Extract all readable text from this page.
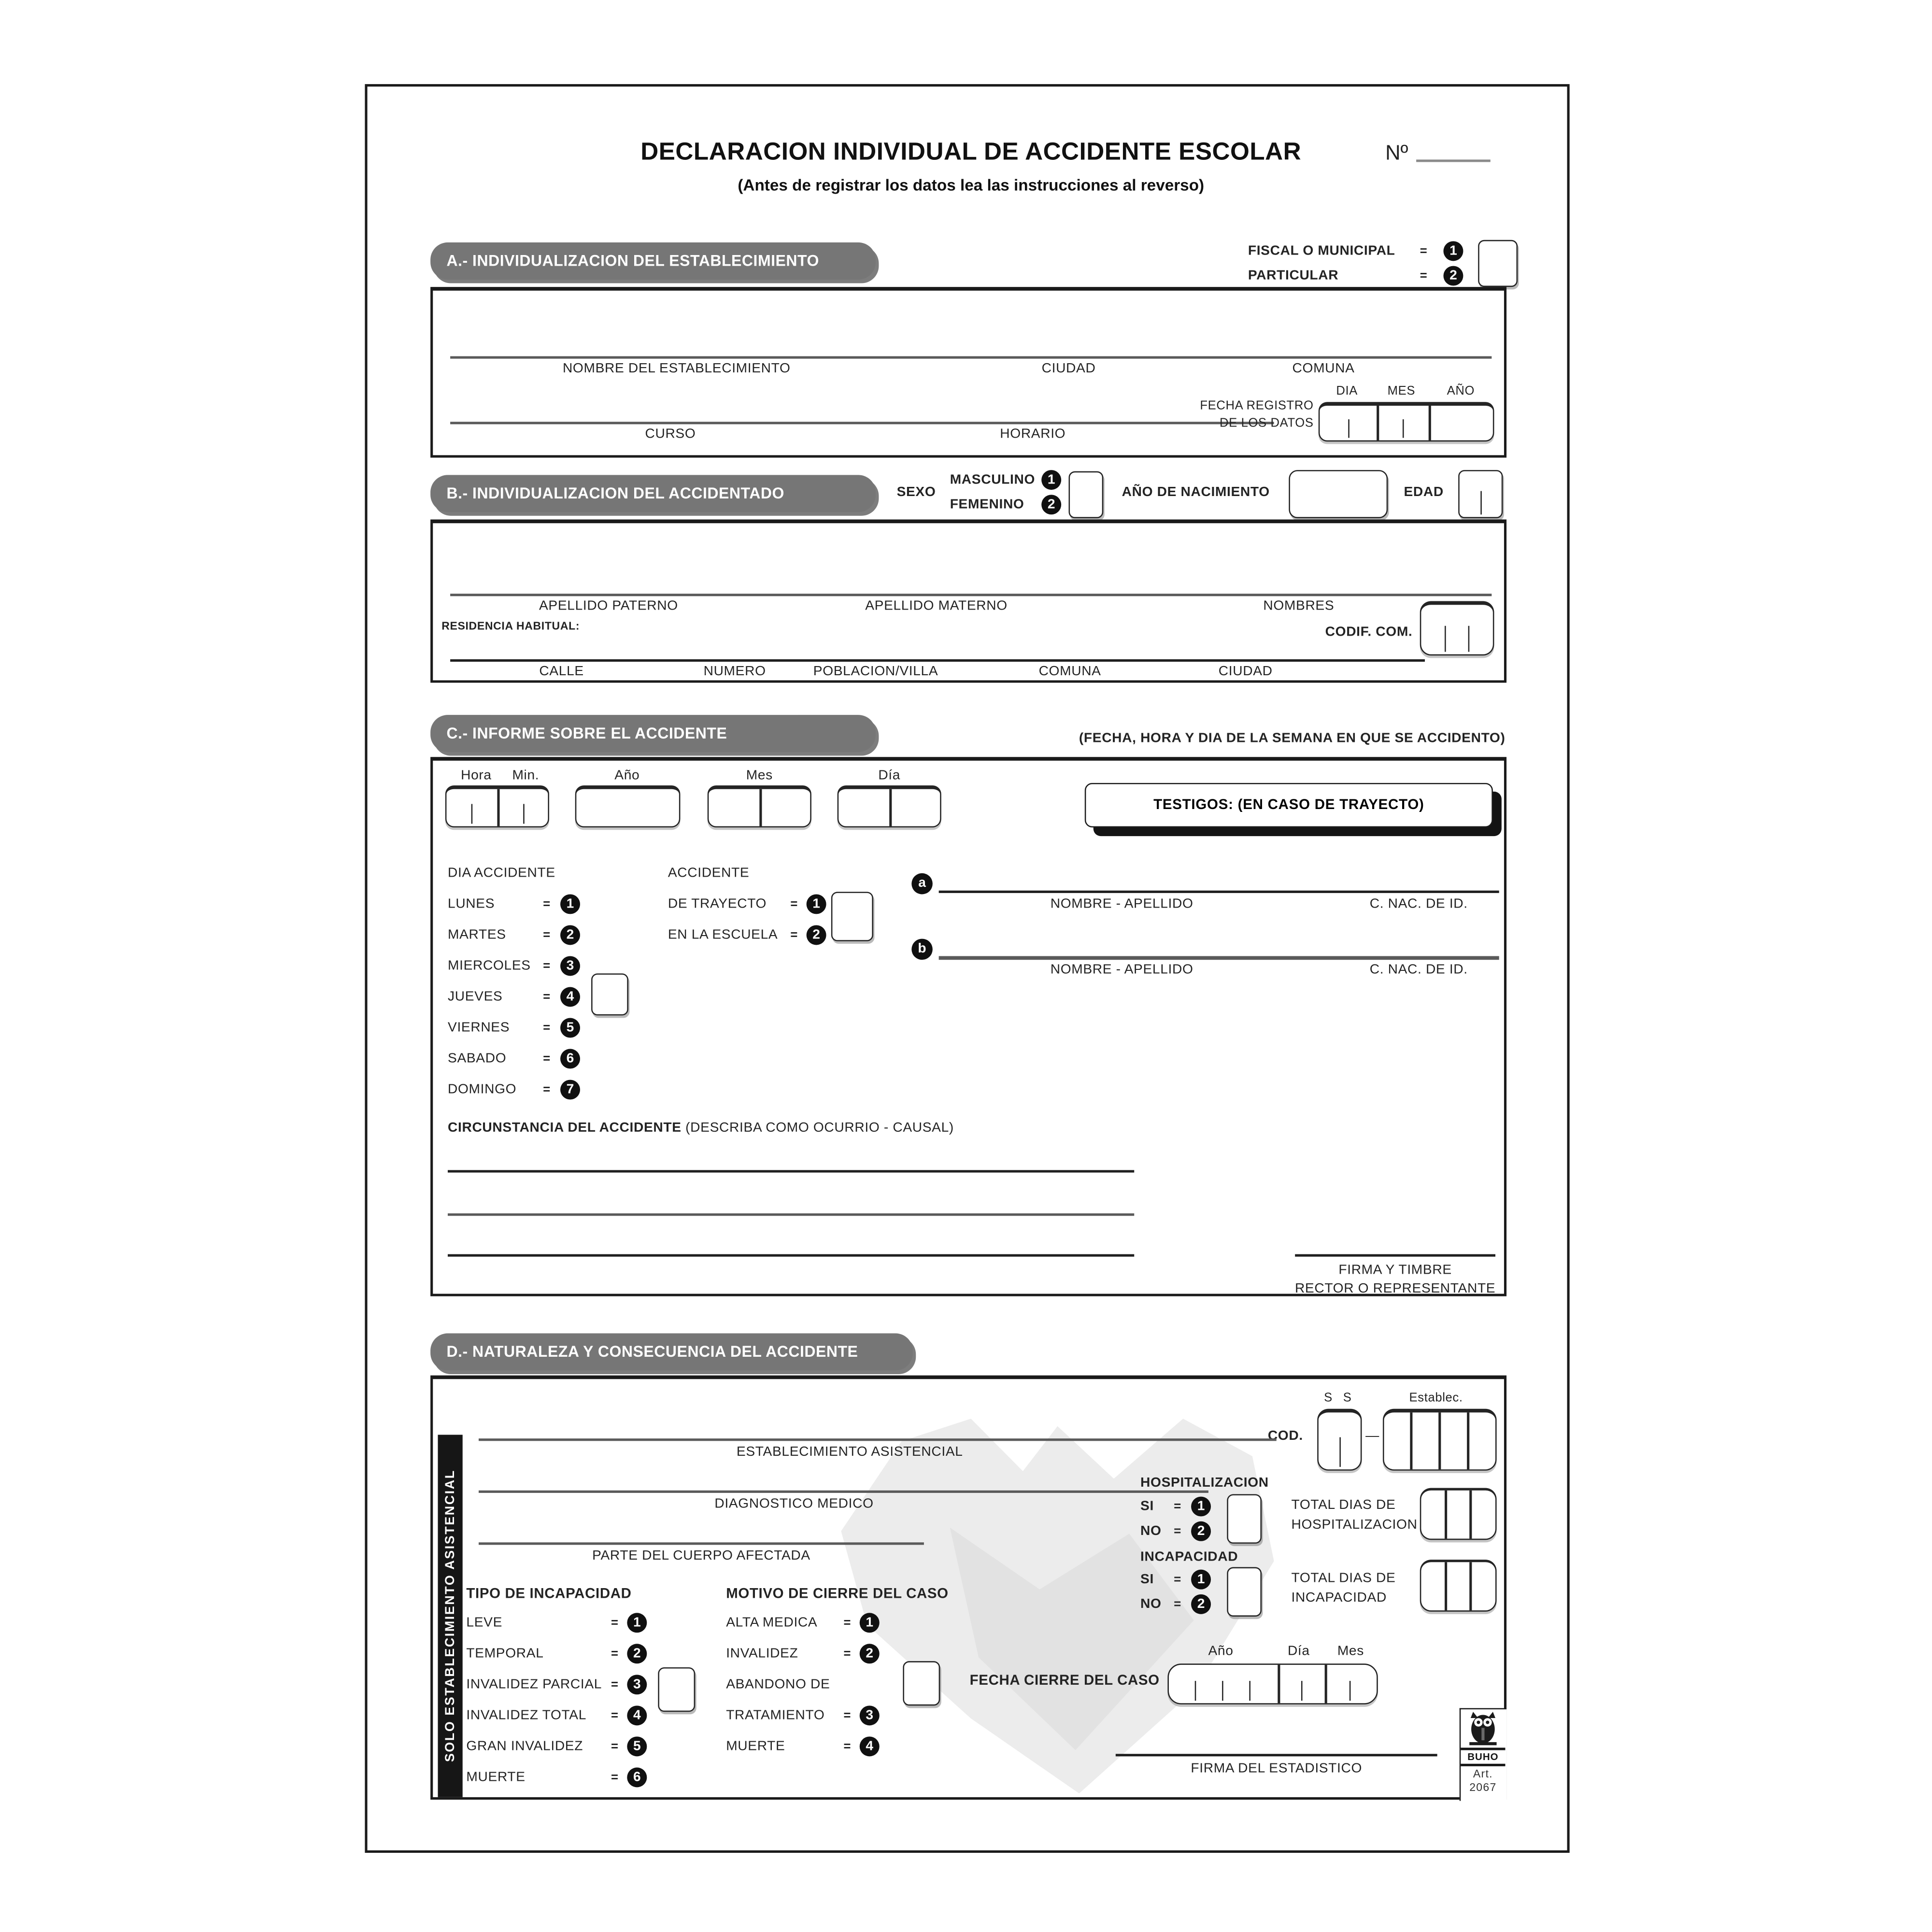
DECLARACION INDIVIDUAL DE ACCIDENTE ESCOLAR	Nº
(Antes de registrar los datos lea las instrucciones al reverso)
A.- INDIVIDUALIZACION DEL ESTABLECIMIENTO
FISCAL O MUNICIPAL	=	1
PARTICULAR	=	2
NOMBRE DEL ESTABLECIMIENTO	CIUDAD	COMUNA
CURSO	HORARIO
FECHA REGISTRO
DE LOS DATOS
DIA	MES	AÑO
B.- INDIVIDUALIZACION DEL ACCIDENTADO	SEXO
MASCULINO	1
FEMENINO	2
AÑO DE NACIMIENTO	EDAD
APELLIDO PATERNO	APELLIDO MATERNO	NOMBRES
RESIDENCIA HABITUAL:
CALLE	NUMERO	POBLACION/VILLA	COMUNA	CIUDAD
CODIF. COM.
C.- INFORME SOBRE EL ACCIDENTE	(FECHA, HORA Y DIA DE LA SEMANA EN QUE SE ACCIDENTO)
Hora	Min.	Año	Mes	Día
TESTIGOS: (EN CASO DE TRAYECTO)
DIA ACCIDENTE	ACCIDENTE
LUNES	=	1
MARTES	=	2
MIERCOLES	=	3
JUEVES	=	4
VIERNES	=	5
SABADO	=	6
DOMINGO	=	7
DE TRAYECTO	=	1
EN LA ESCUELA	=	2
a
NOMBRE - APELLIDO	C. NAC. DE ID.
b
NOMBRE - APELLIDO	C. NAC. DE ID.
CIRCUNSTANCIA DEL ACCIDENTE (DESCRIBA COMO OCURRIO - CAUSAL)
FIRMA Y TIMBRE
RECTOR O REPRESENTANTE
D.- NATURALEZA Y CONSECUENCIA DEL ACCIDENTE
SOLO ESTABLECIMIENTO ASISTENCIAL
S S	Establec.
COD.	—
ESTABLECIMIENTO ASISTENCIAL
DIAGNOSTICO MEDICO
PARTE DEL CUERPO AFECTADA
HOSPITALIZACION
SI	=	1
NO	=	2
TOTAL DIAS DE
HOSPITALIZACION
INCAPACIDAD
SI	=	1
NO	=	2
TOTAL DIAS DE
INCAPACIDAD
TIPO DE INCAPACIDAD
LEVE	=	1
TEMPORAL	=	2
INVALIDEZ PARCIAL =	3
INVALIDEZ TOTAL	=	4
GRAN INVALIDEZ	=	5
MUERTE	=	6
MOTIVO DE CIERRE DEL CASO
ALTA MEDICA	=	1
INVALIDEZ	=	2
ABANDONO DE
TRATAMIENTO	=	3
MUERTE	=	4
FECHA CIERRE DEL CASO
Año	Día	Mes
FIRMA DEL ESTADISTICO
BUHO
Art.
2067
